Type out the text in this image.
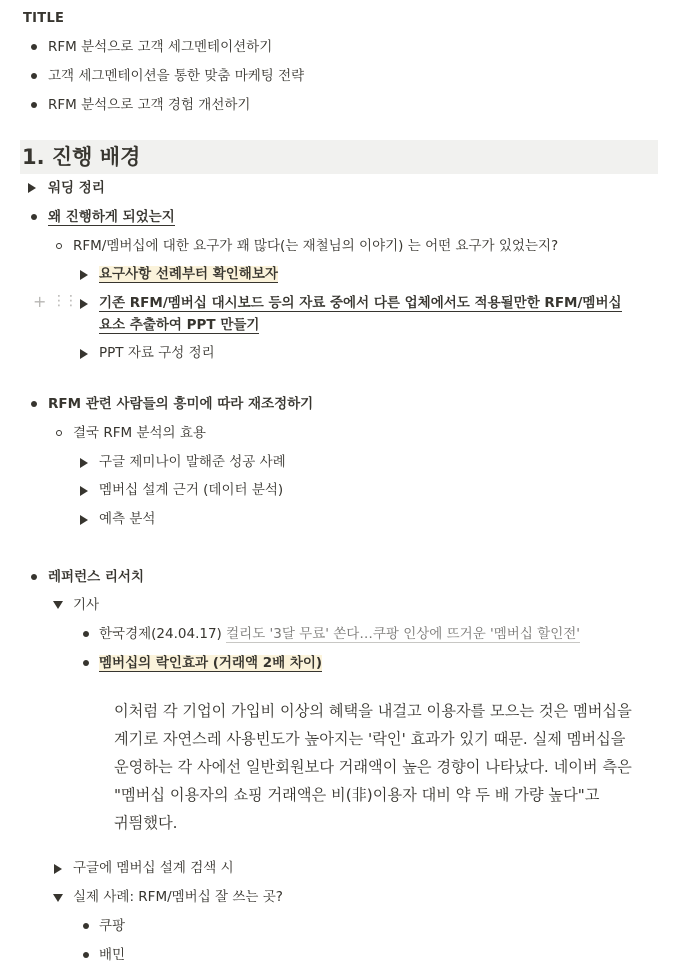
TITLE
RFM 분석으로 고객 세그멘테이션하기
고객 세그멘테이션을 통한 맞춤 마케팅 전략
RFM 분석으로 고객 경험 개선하기
1. 진행 배경
워딩 정리
왜 진행하게 되었는지
RFM/멤버십에 대한 요구가 꽤 많다(는 재철님의 이야기) 는 어떤 요구가 있었는지?
요구사항 선례부터 확인해보자
+ ⋮⋮ 기존 RFM/멤버십 대시보드 등의 자료 중에서 다른 업체에서도 적용될만한 RFM/멤버십
요소 추출하여 PPT 만들기
PPT 자료 구성 정리
RFM 관련 사람들의 흥미에 따라 재조정하기
결국 RFM 분석의 효용
구글 제미나이 말해준 성공 사례
멤버십 설계 근거 (데이터 분석)
예측 분석
레퍼런스 리서치
기사
한국경제(24.04.17) 컬리도 '3달 무료' 쏜다…쿠팡 인상에 뜨거운 '멤버십 할인전'
멤버십의 락인효과 (거래액 2배 차이)
이처럼 각 기업이 가입비 이상의 혜택을 내걸고 이용자를 모으는 것은 멤버십을
계기로 자연스레 사용빈도가 높아지는 '락인' 효과가 있기 때문. 실제 멤버십을
운영하는 각 사에선 일반회원보다 거래액이 높은 경향이 나타났다. 네이버 측은
"멤버십 이용자의 쇼핑 거래액은 비(非)이용자 대비 약 두 배 가량 높다"고
귀띔했다.
구글에 멤버십 설계 검색 시
실제 사례: RFM/멤버십 잘 쓰는 곳?
쿠팡
배민
